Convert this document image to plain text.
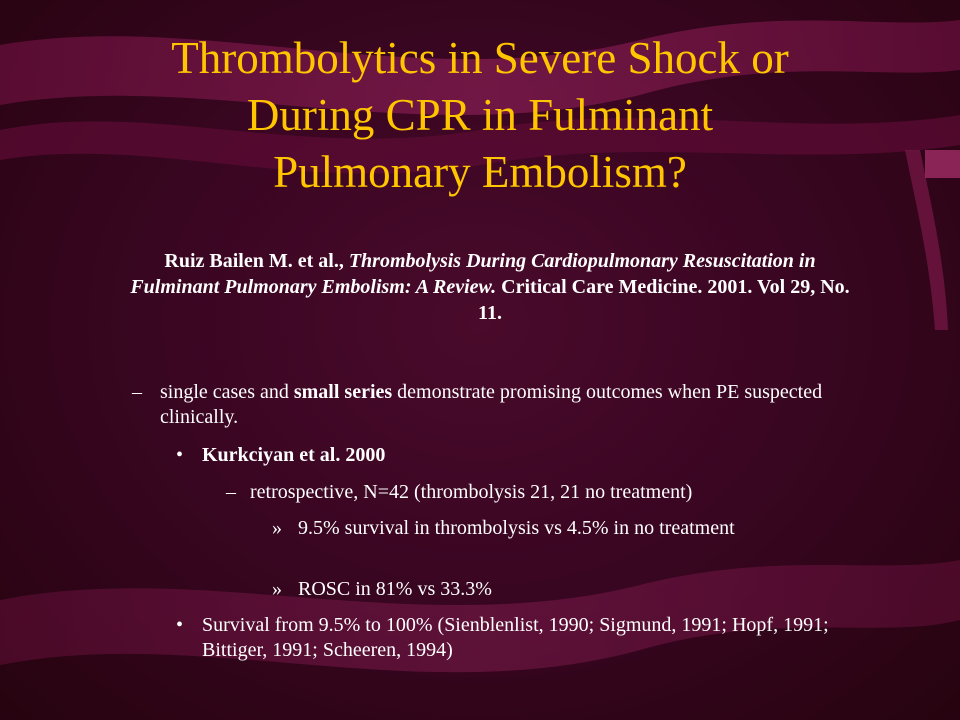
Thrombolytics in Severe Shock or
During CPR in Fulminant
Pulmonary Embolism?
Ruiz Bailen M. et al., Thrombolysis During Cardiopulmonary Resuscitation in Fulminant Pulmonary Embolism: A Review. Critical Care Medicine. 2001. Vol 29, No. 11.
– single cases and small series demonstrate promising outcomes when PE suspected clinically.
• Kurkciyan et al. 2000
– retrospective, N=42 (thrombolysis 21, 21 no treatment)
» 9.5% survival in thrombolysis vs 4.5% in no treatment
» ROSC in 81% vs 33.3%
• Survival from 9.5% to 100% (Sienblenlist, 1990; Sigmund, 1991; Hopf, 1991; Bittiger, 1991; Scheeren, 1994)
